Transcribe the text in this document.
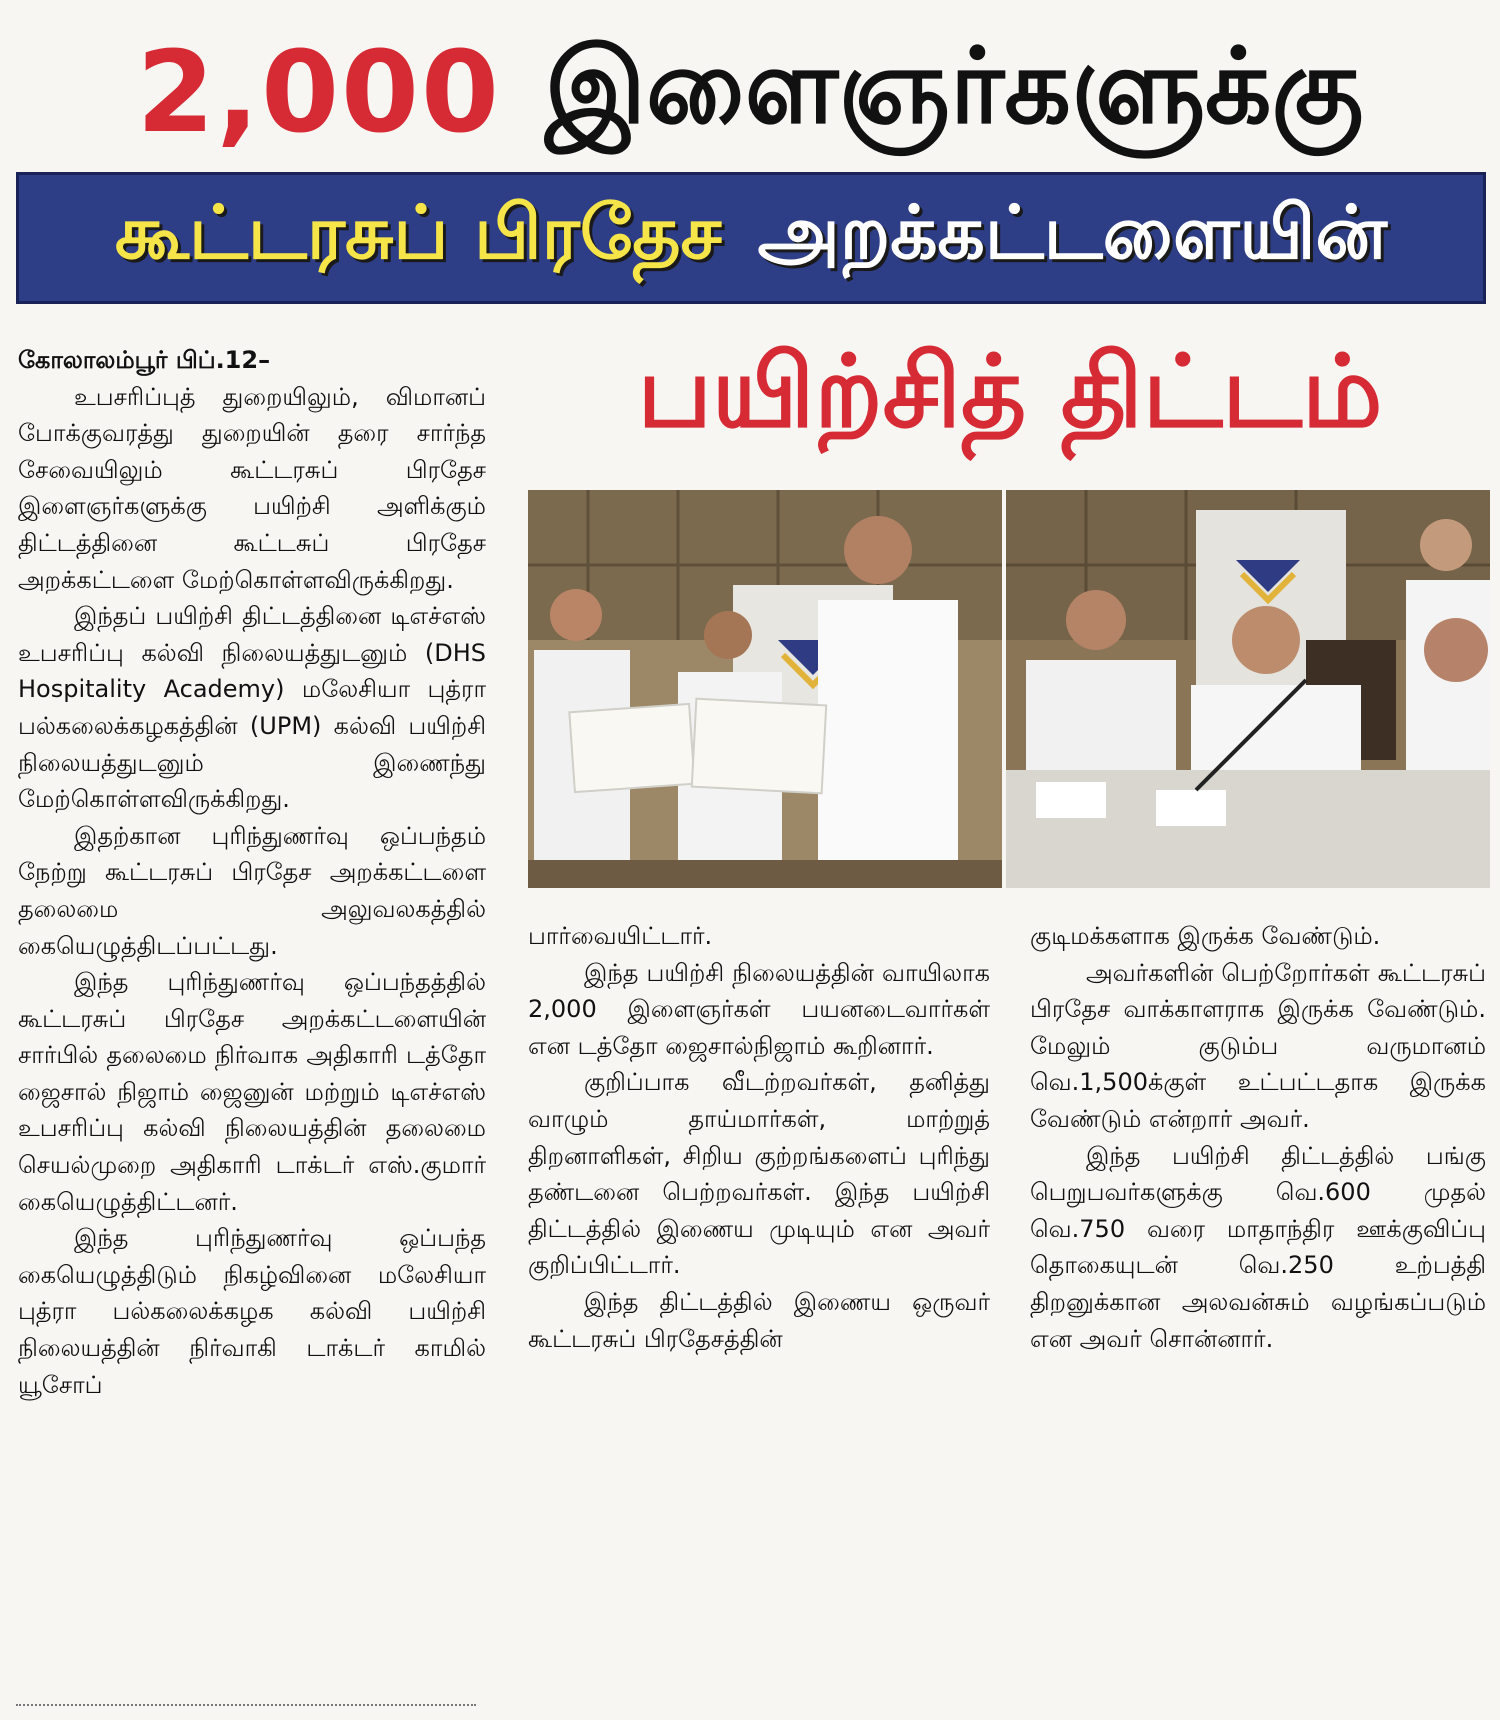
2,000 இளைஞர்களுக்கு
கூட்டரசுப் பிரதேச அறக்கட்டளையின்
பயிற்சித் திட்டம்

கோலாலம்பூர் பிப்.12–

உபசரிப்புத் துறையிலும், விமானப் போக்குவரத்து துறையின் தரை சார்ந்த சேவையிலும் கூட்டரசுப் பிரதேச இளைஞர்களுக்கு பயிற்சி அளிக்கும் திட்டத்தினை கூட்டசுப் பிரதேச அறக்கட்டளை மேற்கொள்ளவிருக்கிறது.

இந்தப் பயிற்சி திட்டத்தினை டிஎச்எஸ் உபசரிப்பு கல்வி நிலையத்துடனும் (DHS Hospitality Academy) மலேசியா புத்ரா பல்கலைக்கழகத்தின் (UPM) கல்வி பயிற்சி நிலையத்துடனும் இணைந்து மேற்கொள்ளவிருக்கிறது.

இதற்கான புரிந்துணர்வு ஒப்பந்தம் நேற்று கூட்டரசுப் பிரதேச அறக்கட்டளை தலைமை அலுவலகத்தில் கையெழுத்திடப்பட்டது.

இந்த புரிந்துணர்வு ஒப்பந்தத்தில் கூட்டரசுப் பிரதேச அறக்கட்டளையின் சார்பில் தலைமை நிர்வாக அதிகாரி டத்தோ ஜைசால் நிஜாம் ஜைனுன் மற்றும் டிஎச்எஸ் உபசரிப்பு கல்வி நிலையத்தின் தலைமை செயல்முறை அதிகாரி டாக்டர் எஸ்.குமார் கையெழுத்திட்டனர்.

இந்த புரிந்துணர்வு ஒப்பந்த கையெழுத்திடும் நிகழ்வினை மலேசியா புத்ரா பல்கலைக்கழக கல்வி பயிற்சி நிலையத்தின் நிர்வாகி டாக்டர் காமில் யூசோப்

பார்வையிட்டார்.

இந்த பயிற்சி நிலையத்தின் வாயிலாக 2,000 இளைஞர்கள் பயனடைவார்கள் என டத்தோ ஜைசால்நிஜாம் கூறினார்.

குறிப்பாக வீடற்றவர்கள், தனித்து வாழும் தாய்மார்கள், மாற்றுத் திறனாளிகள், சிறிய குற்றங்களைப் புரிந்து தண்டனை பெற்றவர்கள். இந்த பயிற்சி திட்டத்தில் இணைய முடியும் என அவர் குறிப்பிட்டார்.

இந்த திட்டத்தில் இணைய ஒருவர் கூட்டரசுப் பிரதேசத்தின்

குடிமக்களாக இருக்க வேண்டும்.

அவர்களின் பெற்றோர்கள் கூட்டரசுப் பிரதேச வாக்காளராக இருக்க வேண்டும். மேலும் குடும்ப வருமானம் வெ.1,500க்குள் உட்பட்டதாக இருக்க வேண்டும் என்றார் அவர்.

இந்த பயிற்சி திட்டத்தில் பங்கு பெறுபவர்களுக்கு வெ.600 முதல் வெ.750 வரை மாதாந்திர ஊக்குவிப்பு தொகையுடன் வெ.250 உற்பத்தி திறனுக்கான அலவன்சும் வழங்கப்படும் என அவர் சொன்னார்.
